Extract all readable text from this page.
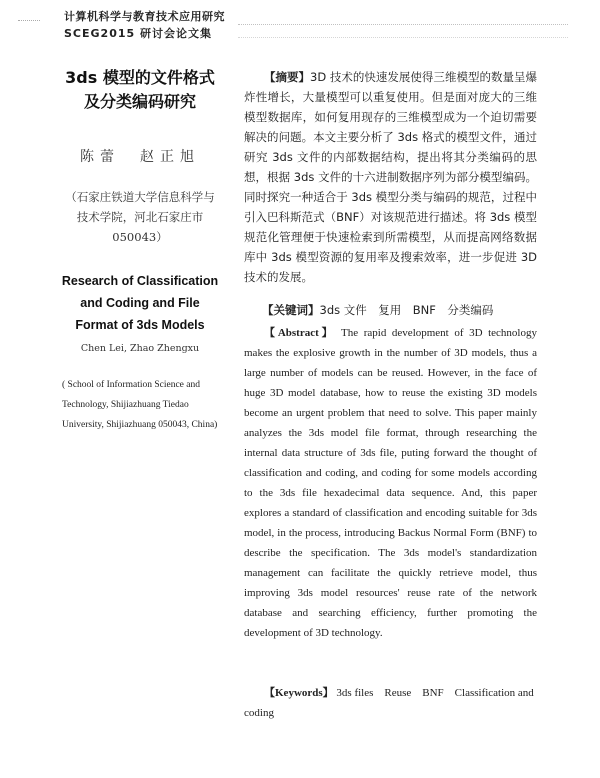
计算机科学与教育技术应用研究
SCEG2015 研讨会论文集
3ds 模型的文件格式
及分类编码研究
陈蕾　赵正旭
（石家庄铁道大学信息科学与
技术学院，河北石家庄市
050043）
Research of Classification
and Coding and File
Format of 3ds Models
Chen Lei, Zhao Zhengxu
( School of Information Science and Technology, Shijiazhuang Tiedao University, Shijiazhuang 050043, China)
【摘要】3D 技术的快速发展使得三维模型的数量呈爆炸性增长，大量模型可以重复使用。但是面对庞大的三维模型数据库，如何复用现存的三维模型成为一个迫切需要解决的问题。本文主要分析了 3ds 格式的模型文件，通过研究 3ds 文件的内部数据结构，提出将其分类编码的思想，根据 3ds 文件的十六进制数据序列为部分模型编码。同时探究一种适合于 3ds 模型分类与编码的规范，过程中引入巴科斯范式（BNF）对该规范进行描述。将 3ds 模型规范化管理便于快速检索到所需模型，从而提高网络数据库中 3ds 模型资源的复用率及搜索效率，进一步促进 3D 技术的发展。
【关键词】3ds 文件　复用　BNF　分类编码
【Abstract】 The rapid development of 3D technology makes the explosive growth in the number of 3D models, thus a large number of models can be reused. However, in the face of huge 3D model database, how to reuse the existing 3D models become an urgent problem that need to solve. This paper mainly analyzes the 3ds model file format, through researching the internal data structure of 3ds file, puting forward the thought of classification and coding, and coding for some models according to the 3ds file hexadecimal data sequence. And, this paper explores a standard of classification and encoding suitable for 3ds model, in the process, introducing Backus Normal Form (BNF) to describe the specification. The 3ds model's standardization management can facilitate the quickly retrieve model, thus improving 3ds model resources' reuse rate of the network database and searching efficiency, further promoting the development of 3D technology.
【Keywords】 3ds files　Reuse　BNF　Classification and coding
